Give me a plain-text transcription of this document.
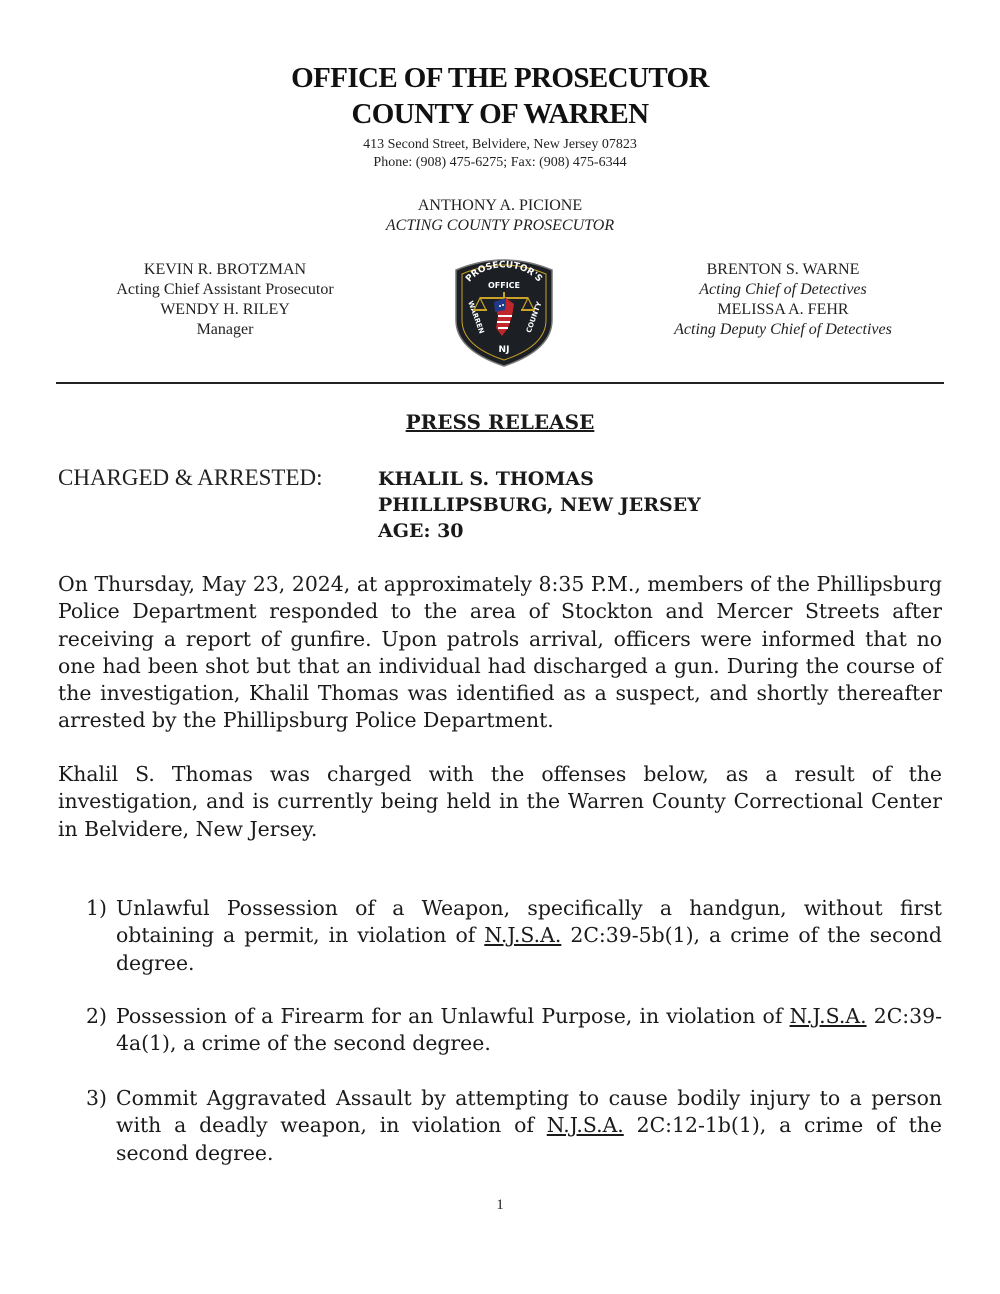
OFFICE OF THE PROSECUTOR
COUNTY OF WARREN
413 Second Street, Belvidere, New Jersey 07823
Phone: (908) 475-6275; Fax: (908) 475-6344
ANTHONY A. PICIONE
ACTING COUNTY PROSECUTOR
KEVIN R. BROTZMAN
Acting Chief Assistant Prosecutor
WENDY H. RILEY
Manager
PROSECUTOR'S
OFFICE
WARREN	COUNTY
NJ
BRENTON S. WARNE
Acting Chief of Detectives
MELISSA A. FEHR
Acting Deputy Chief of Detectives
PRESS RELEASE
CHARGED & ARRESTED:	KHALIL S. THOMAS
PHILLIPSBURG, NEW JERSEY
AGE: 30

On Thursday, May 23, 2024, at approximately 8:35 P.M., members of the Phillipsburg Police Department responded to the area of Stockton and Mercer Streets after receiving a report of gunfire. Upon patrols arrival, officers were informed that no one had been shot but that an individual had discharged a gun. During the course of the investigation, Khalil Thomas was identified as a suspect, and shortly thereafter arrested by the Phillipsburg Police Department.

Khalil S. Thomas was charged with the offenses below, as a result of the investigation, and is currently being held in the Warren County Correctional Center in Belvidere, New Jersey.

1) Unlawful Possession of a Weapon, specifically a handgun, without first obtaining a permit, in violation of N.J.S.A. 2C:39-5b(1), a crime of the second degree.
2) Possession of a Firearm for an Unlawful Purpose, in violation of N.J.S.A. 2C:39-4a(1), a crime of the second degree.
3) Commit Aggravated Assault by attempting to cause bodily injury to a person with a deadly weapon, in violation of N.J.S.A. 2C:12-1b(1), a crime of the second degree.
1
